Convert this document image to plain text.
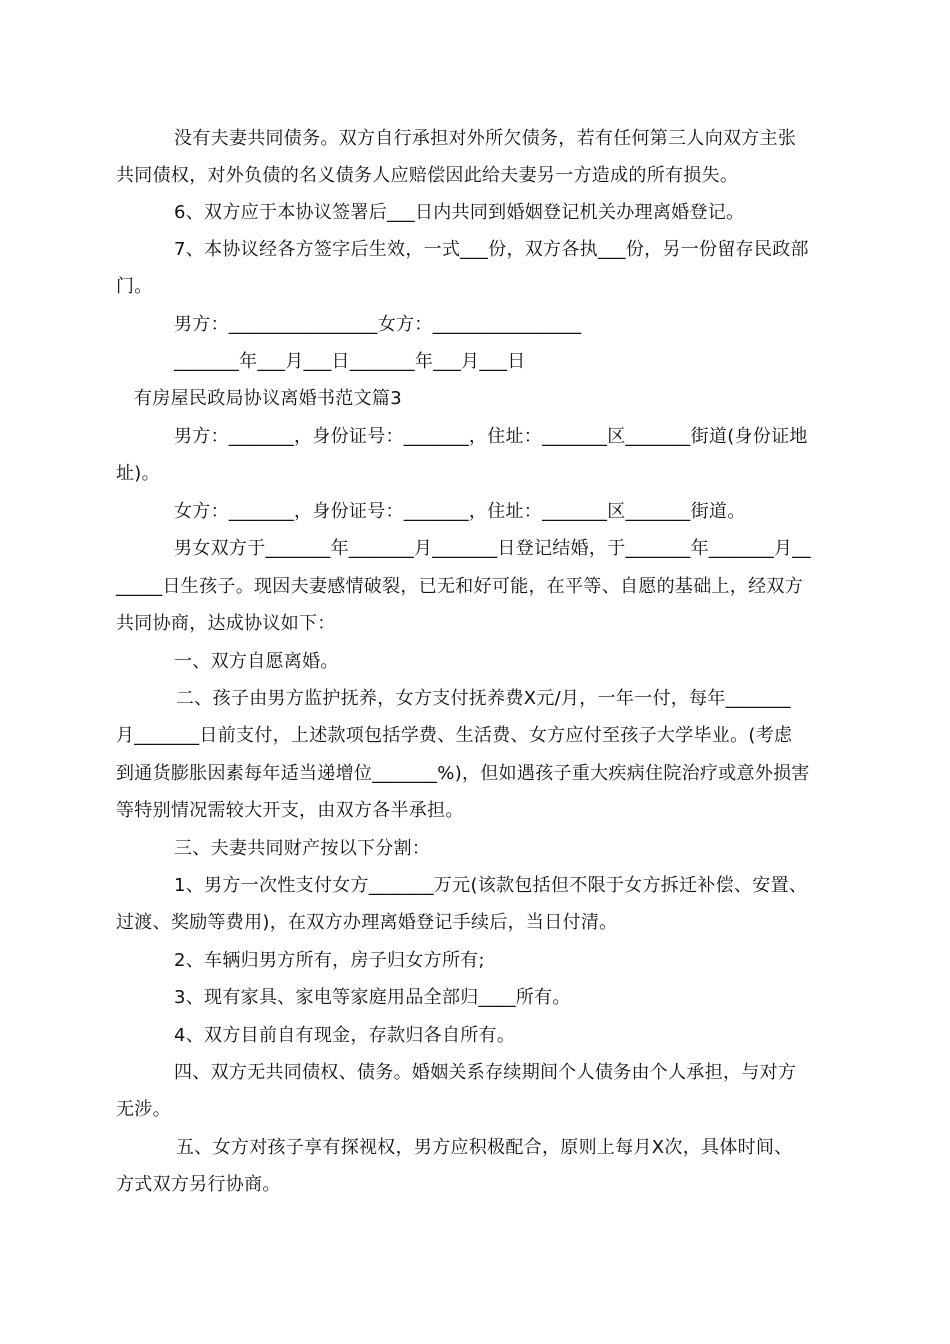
没有夫妻共同债务。双方自行承担对外所欠债务，若有任何第三人向双方主张
共同债权，对外负债的名义债务人应赔偿因此给夫妻另一方造成的所有损失。
6、双方应于本协议签署后___日内共同到婚姻登记机关办理离婚登记。
7、本协议经各方签字后生效，一式___份，双方各执___份，另一份留存民政部
门。
男方：________________女方：________________
_______年___月___日_______年___月___日
有房屋民政局协议离婚书范文篇3
男方：_______，身份证号：_______，住址：_______区_______街道(身份证地
址)。
女方：_______，身份证号：_______，住址：_______区_______街道。
男女双方于_______年_______月_______日登记结婚，于_______年_______月__
_____日生孩子。现因夫妻感情破裂，已无和好可能，在平等、自愿的基础上，经双方
共同协商，达成协议如下：
一、双方自愿离婚。
二、孩子由男方监护抚养，女方支付抚养费X元/月，一年一付，每年_______
月_______日前支付，上述款项包括学费、生活费、女方应付至孩子大学毕业。(考虑
到通货膨胀因素每年适当递增位_______%)，但如遇孩子重大疾病住院治疗或意外损害
等特别情况需较大开支，由双方各半承担。
三、夫妻共同财产按以下分割：
1、男方一次性支付女方_______万元(该款包括但不限于女方拆迁补偿、安置、
过渡、奖励等费用)，在双方办理离婚登记手续后，当日付清。
2、车辆归男方所有，房子归女方所有;
3、现有家具、家电等家庭用品全部归____所有。
4、双方目前自有现金，存款归各自所有。
四、双方无共同债权、债务。婚姻关系存续期间个人债务由个人承担，与对方
无涉。
五、女方对孩子享有探视权，男方应积极配合，原则上每月X次，具体时间、
方式双方另行协商。
